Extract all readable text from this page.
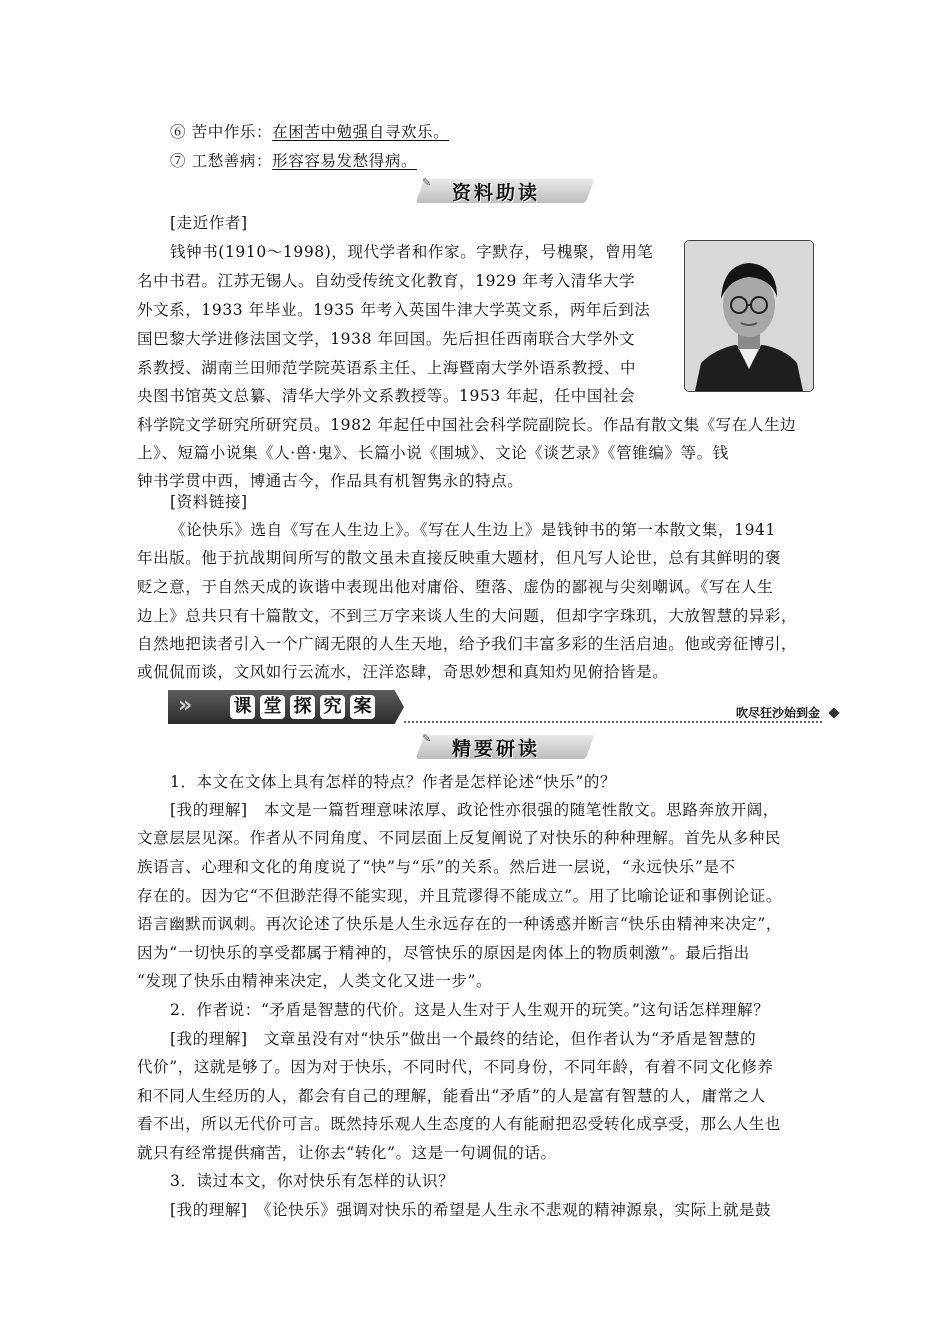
⑥ 苦中作乐：在困苦中勉强自寻欢乐。
⑦ 工愁善病：形容容易发愁得病。
✎ 资料助读
[走近作者]
钱钟书(1910～1998)，现代学者和作家。字默存，号槐聚，曾用笔
名中书君。江苏无锡人。自幼受传统文化教育，1929 年考入清华大学
外文系，1933 年毕业。1935 年考入英国牛津大学英文系，两年后到法
国巴黎大学进修法国文学，1938 年回国。先后担任西南联合大学外文
系教授、湖南兰田师范学院英语系主任、上海暨南大学外语系教授、中
央图书馆英文总纂、清华大学外文系教授等。1953 年起，任中国社会
科学院文学研究所研究员。1982 年起任中国社会科学院副院长。作品有散文集《写在人生边
上》、短篇小说集《人·兽·鬼》、长篇小说《围城》、文论《谈艺录》《管锥编》等。钱
钟书学贯中西，博通古今，作品具有机智隽永的特点。
[资料链接]
《论快乐》选自《写在人生边上》。《写在人生边上》是钱钟书的第一本散文集，1941
年出版。他于抗战期间所写的散文虽未直接反映重大题材，但凡写人论世，总有其鲜明的褒
贬之意，于自然天成的诙谐中表现出他对庸俗、堕落、虚伪的鄙视与尖刻嘲讽。《写在人生
边上》总共只有十篇散文，不到三万字来谈人生的大问题，但却字字珠玑，大放智慧的异彩，
自然地把读者引入一个广阔无限的人生天地，给予我们丰富多彩的生活启迪。他或旁征博引，
或侃侃而谈，文风如行云流水，汪洋恣肆，奇思妙想和真知灼见俯拾皆是。
» 课 堂 探 究 案	吹尽狂沙始到金
✎ 精要研读
1．本文在文体上具有怎样的特点？作者是怎样论述“快乐”的？
[我的理解]　本文是一篇哲理意味浓厚、政论性亦很强的随笔性散文。思路奔放开阔，
文意层层见深。作者从不同角度、不同层面上反复阐说了对快乐的种种理解。首先从多种民
族语言、心理和文化的角度说了“快”与“乐”的关系。然后进一层说，“永远快乐”是不
存在的。因为它“不但渺茫得不能实现，并且荒谬得不能成立”。用了比喻论证和事例论证。
语言幽默而讽刺。再次论述了快乐是人生永远存在的一种诱惑并断言“快乐由精神来决定”，
因为“一切快乐的享受都属于精神的，尽管快乐的原因是肉体上的物质刺激”。最后指出
“发现了快乐由精神来决定，人类文化又进一步”。
2．作者说：“矛盾是智慧的代价。这是人生对于人生观开的玩笑。”这句话怎样理解？
[我的理解]　文章虽没有对“快乐”做出一个最终的结论，但作者认为“矛盾是智慧的
代价”，这就是够了。因为对于快乐，不同时代，不同身份，不同年龄，有着不同文化修养
和不同人生经历的人，都会有自己的理解，能看出“矛盾”的人是富有智慧的人，庸常之人
看不出，所以无代价可言。既然持乐观人生态度的人有能耐把忍受转化成享受，那么人生也
就只有经常提供痛苦，让你去“转化”。这是一句调侃的话。
3．读过本文，你对快乐有怎样的认识？
[我的理解]　《论快乐》强调对快乐的希望是人生永不悲观的精神源泉，实际上就是鼓
